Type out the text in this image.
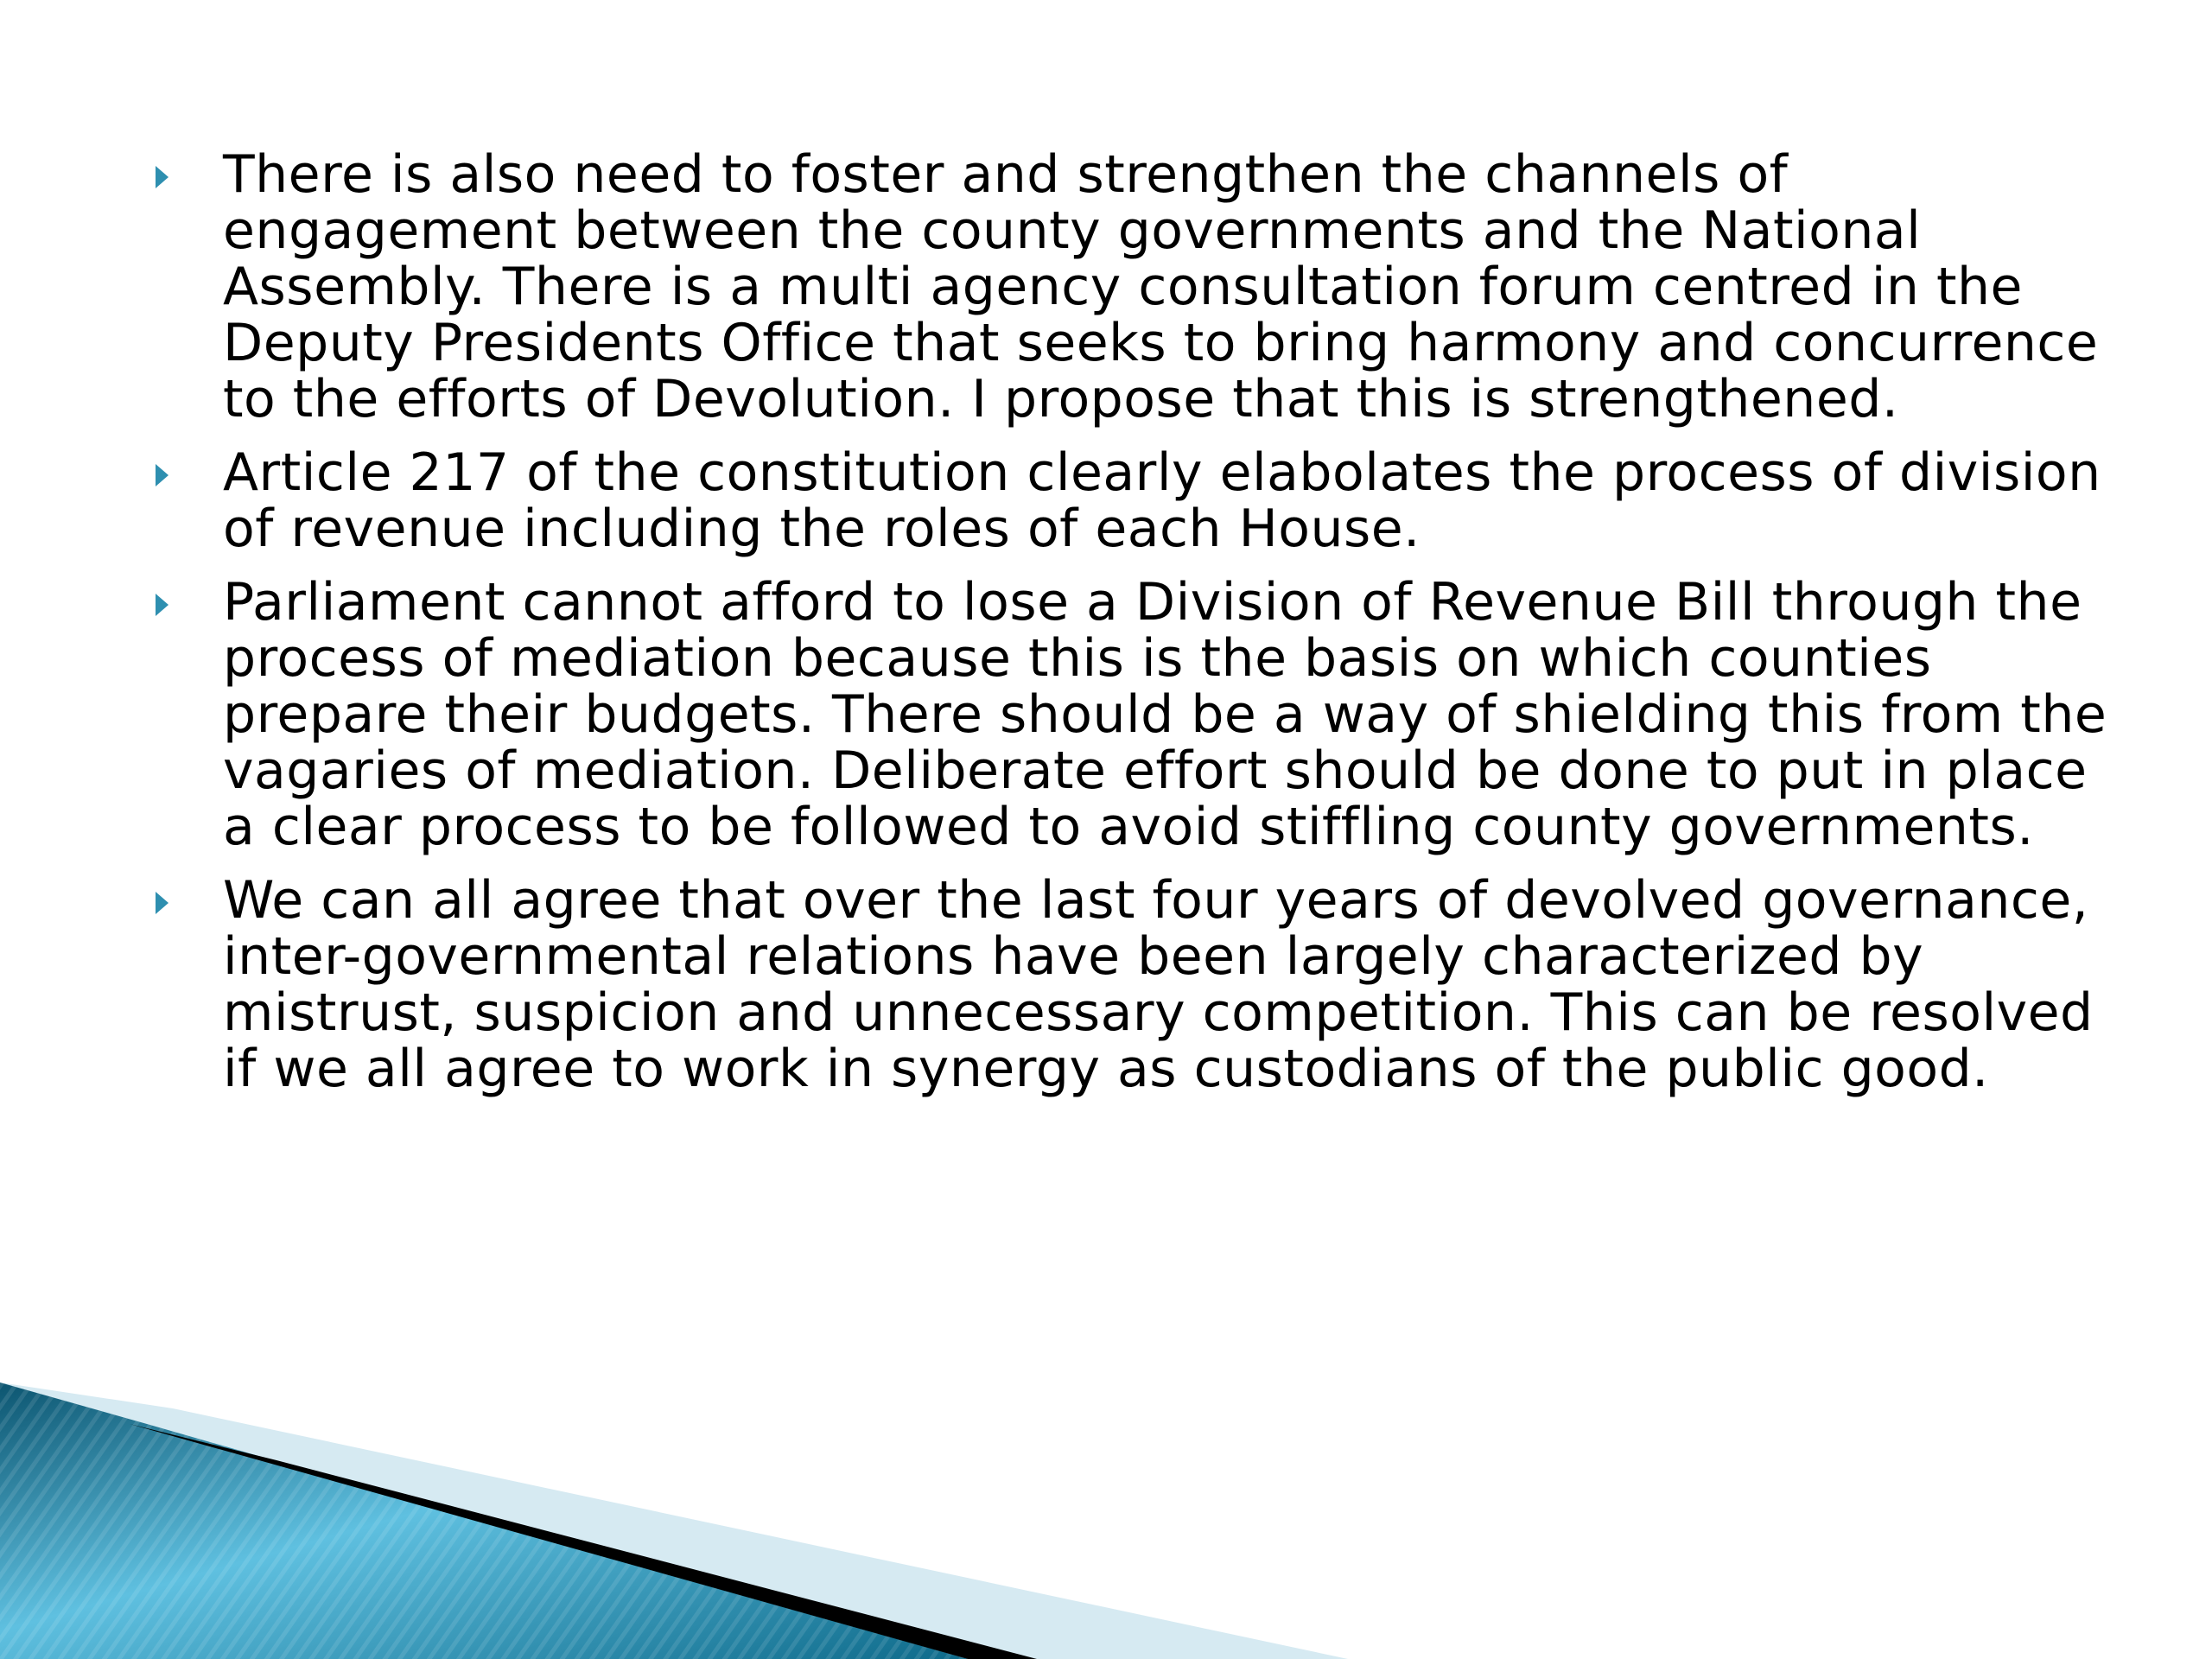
There is also need to foster and strengthen the channels of engagement between the county governments and the National Assembly. There is a multi agency consultation forum centred in the Deputy Presidents Office that seeks to bring harmony and concurrence to the efforts of Devolution. I propose that this is strengthened.
Article 217 of the constitution clearly elabolates the process of division of revenue including the roles of each House.
Parliament cannot afford to lose a Division of Revenue Bill through the process of mediation because this is the basis on which counties prepare their budgets. There should be a way of shielding this from the vagaries of mediation. Deliberate effort should be done to put in place a clear process to be followed to avoid stiffling county governments.
We can all agree that over the last four years of devolved governance, inter-governmental relations have been largely characterized by mistrust, suspicion and unnecessary competition. This can be resolved if we all agree to work in synergy as custodians of the public good.
